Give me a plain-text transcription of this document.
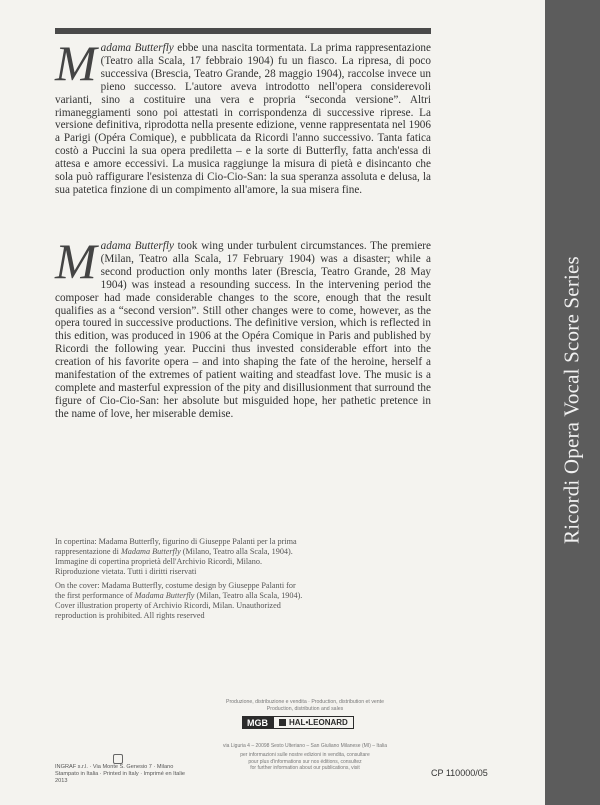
Ricordi Opera Vocal Score Series
Madama Butterfly ebbe una nascita tormentata. La prima rappresentazione (Teatro alla Scala, 17 febbraio 1904) fu un fiasco. La ripresa, di poco successiva (Brescia, Teatro Grande, 28 maggio 1904), raccolse invece un pieno successo. L'autore aveva introdotto nell'opera considerevoli varianti, sino a costituire una vera e propria “seconda versione”. Altri rimaneggiamenti sono poi attestati in corrispondenza di successive riprese. La versione definitiva, riprodotta nella presente edizione, venne rappresentata nel 1906 a Parigi (Opéra Comique), e pubblicata da Ricordi l'anno successivo. Tanta fatica costò a Puccini la sua opera prediletta – e la sorte di Butterfly, fatta anch'essa di attesa e amore eccessivi. La musica raggiunge la misura di pietà e disincanto che sola può raffigurare l'esistenza di Cio-Cio-San: la sua speranza assoluta e delusa, la sua patetica finzione di un compimento all'amore, la sua misera fine.
Madama Butterfly took wing under turbulent circumstances. The premiere (Milan, Teatro alla Scala, 17 February 1904) was a disaster; while a second production only months later (Brescia, Teatro Grande, 28 May 1904) was instead a resounding success. In the intervening period the composer had made considerable changes to the score, enough that the result qualifies as a “second version”. Still other changes were to come, however, as the opera toured in successive productions. The definitive version, which is reflected in this edition, was produced in 1906 at the Opéra Comique in Paris and published by Ricordi the following year. Puccini thus invested considerable effort into the creation of his favorite opera – and into shaping the fate of the heroine, herself a manifestation of the extremes of patient waiting and steadfast love. The music is a complete and masterful expression of the pity and disillusionment that surround the figure of Cio-Cio-San: her absolute but misguided hope, her pathetic pretence in the name of love, her miserable demise.
In copertina: Madama Butterfly, figurino di Giuseppe Palanti per la prima rappresentazione di Madama Butterfly (Milano, Teatro alla Scala, 1904). Immagine di copertina proprietà dell'Archivio Ricordi, Milano. Riproduzione vietata. Tutti i diritti riservati
On the cover: Madama Butterfly, costume design by Giuseppe Palanti for the first performance of Madama Butterfly (Milan, Teatro alla Scala, 1904). Cover illustration property of Archivio Ricordi, Milan. Unauthorized reproduction is prohibited. All rights reserved
Produzione, distribuzione e vendita · Production, distribution et vente
Production, distribution and sales
MGB	HAL•LEONARD
via Liguria 4 – 20098 Sesto Ulteriano – San Giuliano Milanese (MI) – Italia
per informazioni sulle nostre edizioni in vendita, consultare
pour plus d'informations sur nos éditions, consultez
for further information about our publications, visit
INGRAF s.r.l. · Via Monte S. Genesio 7 · Milano
Stampato in Italia · Printed in Italy · Imprimé en Italie 2013
CP 110000/05
